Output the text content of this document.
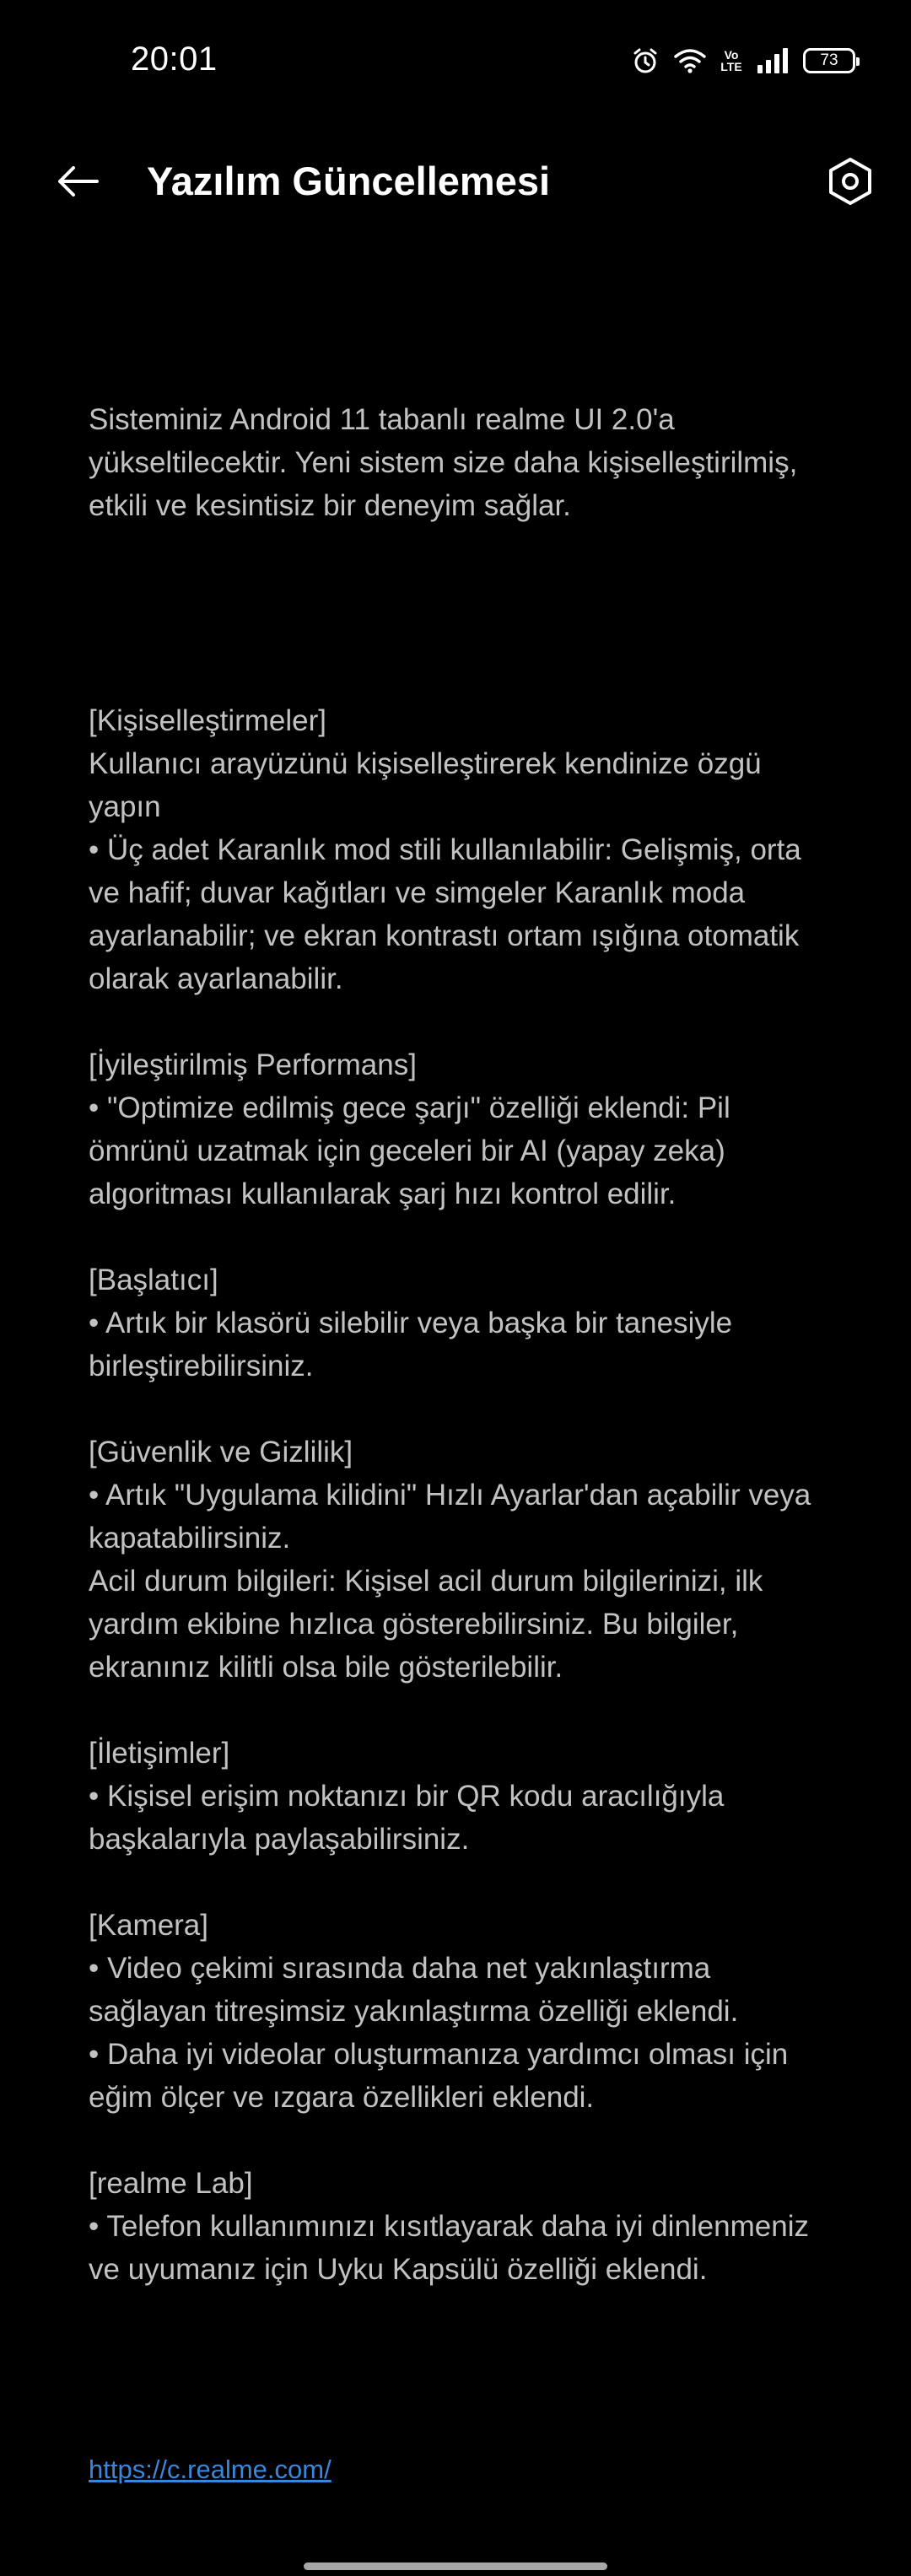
20:01	Vo
LTE	73
Yazılım Güncellemesi

Sisteminiz Android 11 tabanlı realme UI 2.0'a yükseltilecektir. Yeni sistem size daha kişiselleştirilmiş, etkili ve kesintisiz bir deneyim sağlar.

[Kişiselleştirmeler]

Kullanıcı arayüzünü kişiselleştirerek kendinize özgü yapın

• Üç adet Karanlık mod stili kullanılabilir: Gelişmiş, orta ve hafif; duvar kağıtları ve simgeler Karanlık moda ayarlanabilir; ve ekran kontrastı ortam ışığına otomatik olarak ayarlanabilir.

[İyileştirilmiş Performans]

• "Optimize edilmiş gece şarjı" özelliği eklendi: Pil ömrünü uzatmak için geceleri bir AI (yapay zeka) algoritması kullanılarak şarj hızı kontrol edilir.

[Başlatıcı]

• Artık bir klasörü silebilir veya başka bir tanesiyle birleştirebilirsiniz.

[Güvenlik ve Gizlilik]

• Artık "Uygulama kilidini" Hızlı Ayarlar'dan açabilir veya kapatabilirsiniz.

Acil durum bilgileri: Kişisel acil durum bilgilerinizi, ilk yardım ekibine hızlıca gösterebilirsiniz. Bu bilgiler, ekranınız kilitli olsa bile gösterilebilir.

[İletişimler]

• Kişisel erişim noktanızı bir QR kodu aracılığıyla başkalarıyla paylaşabilirsiniz.

[Kamera]

• Video çekimi sırasında daha net yakınlaştırma sağlayan titreşimsiz yakınlaştırma özelliği eklendi.

• Daha iyi videolar oluşturmanıza yardımcı olması için eğim ölçer ve ızgara özellikleri eklendi.

[realme Lab]

• Telefon kullanımınızı kısıtlayarak daha iyi dinlenmeniz ve uyumanız için Uyku Kapsülü özelliği eklendi.

https://c.realme.com/
